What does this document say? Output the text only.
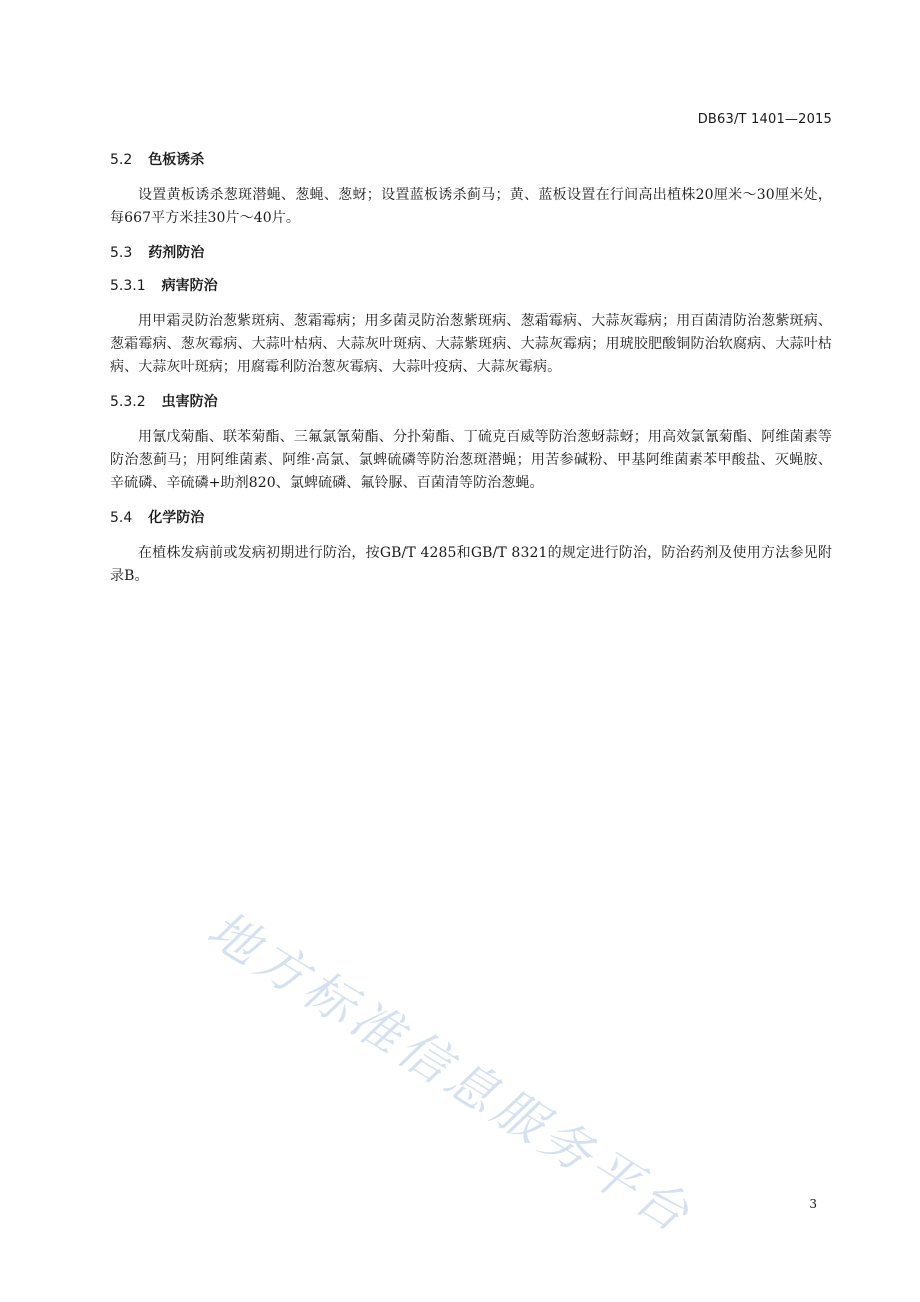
DB63/T 1401—2015
5.2 色板诱杀

设置黄板诱杀葱斑潜蝇、葱蝇、葱蚜；设置蓝板诱杀蓟马；黄、蓝板设置在行间高出植株20厘米～30厘米处，每667平方米挂30片～40片。

5.3 药剂防治
5.3.1 病害防治

用甲霜灵防治葱紫斑病、葱霜霉病；用多菌灵防治葱紫斑病、葱霜霉病、大蒜灰霉病；用百菌清防治葱紫斑病、葱霜霉病、葱灰霉病、大蒜叶枯病、大蒜灰叶斑病、大蒜紫斑病、大蒜灰霉病；用琥胶肥酸铜防治软腐病、大蒜叶枯病、大蒜灰叶斑病；用腐霉利防治葱灰霉病、大蒜叶疫病、大蒜灰霉病。

5.3.2 虫害防治

用氰戊菊酯、联苯菊酯、三氟氯氰菊酯、分扑菊酯、丁硫克百威等防治葱蚜蒜蚜；用高效氯氰菊酯、阿维菌素等防治葱蓟马；用阿维菌素、阿维·高氯、氯蜱硫磷等防治葱斑潜蝇；用苦参碱粉、甲基阿维菌素苯甲酸盐、灭蝇胺、辛硫磷、辛硫磷+助剂820、氯蜱硫磷、氟铃脲、百菌清等防治葱蝇。

5.4 化学防治

在植株发病前或发病初期进行防治，按GB/T 4285和GB/T 8321的规定进行防治，防治药剂及使用方法参见附录B。

地方标准信息服务平台	3
